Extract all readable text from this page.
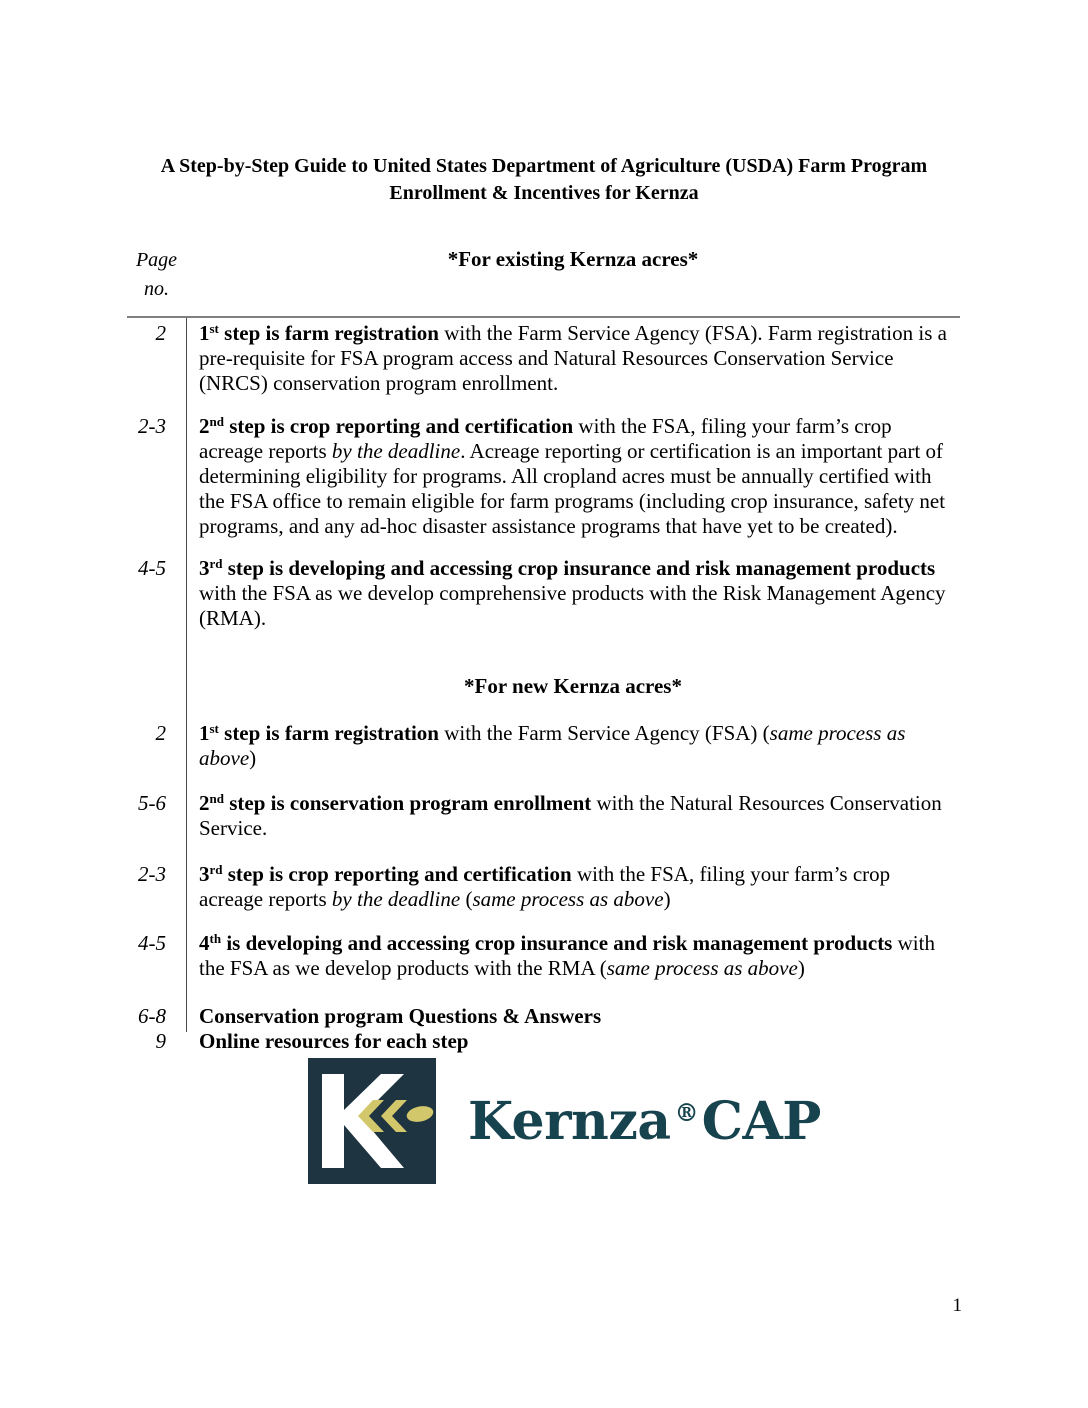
A Step-by-Step Guide to United States Department of Agriculture (USDA) Farm Program
Enrollment & Incentives for Kernza
Page
no.
*For existing Kernza acres*
2	1st step is farm registration with the Farm Service Agency (FSA). Farm registration is a pre-requisite for FSA program access and Natural Resources Conservation Service (NRCS) conservation program enrollment.
2-3	2nd step is crop reporting and certification with the FSA, filing your farm’s crop acreage reports by the deadline. Acreage reporting or certification is an important part of determining eligibility for programs. All cropland acres must be annually certified with the FSA office to remain eligible for farm programs (including crop insurance, safety net programs, and any ad-hoc disaster assistance programs that have yet to be created).
4-5	3rd step is developing and accessing crop insurance and risk management products with the FSA as we develop comprehensive products with the Risk Management Agency (RMA).
*For new Kernza acres*
2	1st step is farm registration with the Farm Service Agency (FSA) (same process as above)
5-6	2nd step is conservation program enrollment with the Natural Resources Conservation Service.
2-3	3rd step is crop reporting and certification with the FSA, filing your farm’s crop acreage reports by the deadline (same process as above)
4-5	4th is developing and accessing crop insurance and risk management products with the FSA as we develop products with the RMA (same process as above)
6-8	Conservation program Questions & Answers
9	Online resources for each step
Kernza ®CAP
1
